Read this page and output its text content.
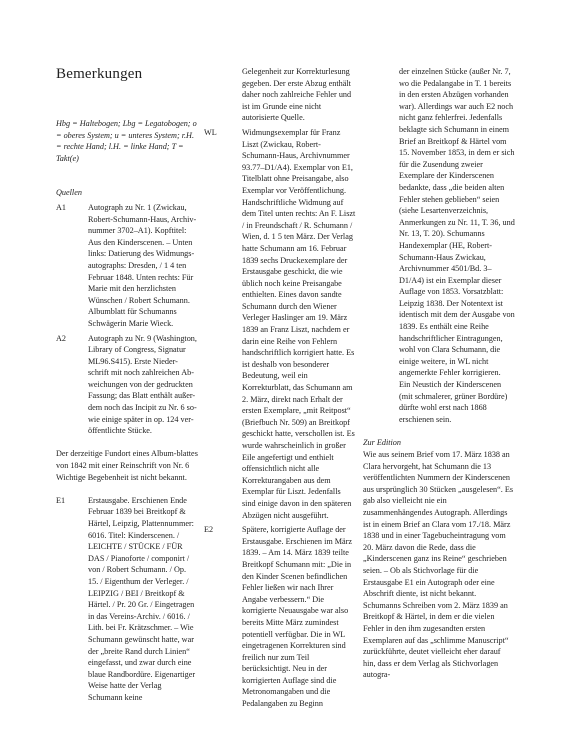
Bemerkungen

Hbg = Haltebogen; Lbg = Legatobogen; o = oberes System; u = unteres System; r.H. = rechte Hand; l.H. = linke Hand; T = Takt(e)

Quellen

A1	Autograph zu Nr. 1 (Zwickau, Robert-Schumann-Haus, Archiv-nummer 3702–A1). Kopftitel: Aus den Kinderscenen. – Unten links: Datierung des Widmungs-autographs: Dresden, / 1 4 ten Februar 1848. Unten rechts: Für Marie mit den herzlichsten Wünschen / Robert Schumann. Albumblatt für Schumanns Schwägerin Marie Wieck.
A2	Autograph zu Nr. 9 (Washington, Library of Congress, Signatur ML96.S415). Erste Nieder-schrift mit noch zahlreichen Ab-weichungen von der gedruckten Fassung; das Blatt enthält außer-dem noch das Incipit zu Nr. 6 so-wie einige später in op. 124 ver-öffentlichte Stücke.

Der derzeitige Fundort eines Album-blattes von 1842 mit einer Reinschrift von Nr. 6 Wichtige Begebenheit ist nicht bekannt.

E1	Erstausgabe. Erschienen Ende Februar 1839 bei Breitkopf & Härtel, Leipzig, Plattennummer: 6016. Titel: Kinderscenen. / LEICHTE / STÜCKE / FÜR DAS / Pianoforte / componirt / von / Robert Schumann. / Op. 15. / Eigenthum der Verleger. / LEIPZIG / BEI / Breitkopf & Härtel. / Pr. 20 Gr. / Eingetragen in das Vereins-Archiv. / 6016. / Lith. bei Fr. Krätzschmer. – Wie Schumann gewünscht hatte, war der „breite Rand durch Linien“ eingefasst, und zwar durch eine blaue Randbordüre. Eigenartiger Weise hatte der Verlag Schumann keine

Gelegenheit zur Korrekturlesung gegeben. Der erste Abzug enthält daher noch zahlreiche Fehler und ist im Grunde eine nicht autorisierte Quelle.

WL	Widmungsexemplar für Franz Liszt (Zwickau, Robert-Schumann-Haus, Archivnummer 93.77–D1/A4). Exemplar von E1, Titelblatt ohne Preisangabe, also Exemplar vor Veröffentlichung. Handschriftliche Widmung auf dem Titel unten rechts: An F. Liszt / in Freundschaft / R. Schumann / Wien, d. 1 5 ten März. Der Verlag hatte Schumann am 16. Februar 1839 sechs Druckexemplare der Erstausgabe geschickt, die wie üblich noch keine Preisangabe enthielten. Eines davon sandte Schumann durch den Wiener Verleger Haslinger am 19. März 1839 an Franz Liszt, nachdem er darin eine Reihe von Fehlern handschriftlich korrigiert hatte. Es ist deshalb von besonderer Bedeutung, weil ein Korrekturblatt, das Schumann am 2. März, direkt nach Erhalt der ersten Exemplare, „mit Reitpost“ (Briefbuch Nr. 509) an Breitkopf geschickt hatte, verschollen ist. Es wurde wahrscheinlich in großer Eile angefertigt und enthielt offensichtlich nicht alle Korrekturangaben aus dem Exemplar für Liszt. Jedenfalls sind einige davon in den späteren Abzügen nicht ausgeführt.
E2	Spätere, korrigierte Auflage der Erstausgabe. Erschienen im März 1839. – Am 14. März 1839 teilte Breitkopf Schumann mit: „Die in den Kinder Scenen befindlichen Fehler ließen wir nach Ihrer Angabe verbessern.“ Die korrigierte Neuausgabe war also bereits Mitte März zumindest potentiell verfügbar. Die in WL eingetragenen Korrekturen sind freilich nur zum Teil berücksichtigt. Neu in der korrigierten Auflage sind die Metronomangaben und die Pedalangaben zu Beginn

der einzelnen Stücke (außer Nr. 7, wo die Pedalangabe in T. 1 bereits in den ersten Abzügen vorhanden war). Allerdings war auch E2 noch nicht ganz fehlerfrei. Jedenfalls beklagte sich Schumann in einem Brief an Breitkopf & Härtel vom 15. November 1853, in dem er sich für die Zusendung zweier Exemplare der Kinderscenen bedankte, dass „die beiden alten Fehler stehen geblieben“ seien (siehe Lesartenverzeichnis, Anmerkungen zu Nr. 11, T. 36, und Nr. 13, T. 20). Schumanns Handexemplar (HE, Robert-Schumann-Haus Zwickau, Archivnummer 4501/Bd. 3–D1/A4) ist ein Exemplar dieser Auflage von 1853. Vorsatzblatt: Leipzig 1838. Der Notentext ist identisch mit dem der Ausgabe von 1839. Es enthält eine Reihe handschriftlicher Eintragungen, wohl von Clara Schumann, die einige weitere, in WL nicht angemerkte Fehler korrigieren.

Ein Neustich der Kinderscenen (mit schmalerer, grüner Bordüre) dürfte wohl erst nach 1868 erschienen sein.

Zur Edition

Wie aus seinem Brief vom 17. März 1838 an Clara hervorgeht, hat Schumann die 13 veröffentlichten Nummern der Kinderscenen aus ursprünglich 30 Stücken „ausgelesen“. Es gab also vielleicht nie ein zusammenhängendes Autograph. Allerdings ist in einem Brief an Clara vom 17./18. März 1838 und in einer Tagebucheintragung vom 20. März davon die Rede, dass die „Kinderscenen ganz ins Reine“ geschrieben seien. – Ob als Stichvorlage für die Erstausgabe E1 ein Autograph oder eine Abschrift diente, ist nicht bekannt. Schumanns Schreiben vom 2. März 1839 an Breitkopf & Härtel, in dem er die vielen Fehler in den ihm zugesandten ersten Exemplaren auf das „schlimme Manuscript“ zurückführte, deutet vielleicht eher darauf hin, dass er dem Verlag als Stichvorlagen autogra-
